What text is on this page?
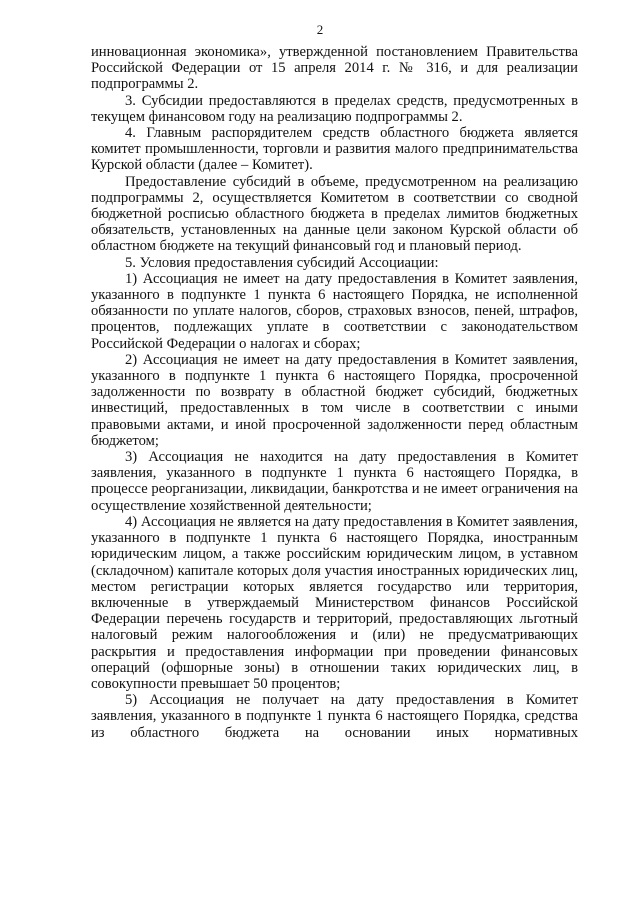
2

инновационная экономика», утвержденной постановлением Правительства Российской Федерации от 15 апреля 2014 г. № 316, и для реализации подпрограммы 2.

3. Субсидии предоставляются в пределах средств, предусмотренных в текущем финансовом году на реализацию подпрограммы 2.

4. Главным распорядителем средств областного бюджета является комитет промышленности, торговли и развития малого предпринимательства Курской области (далее – Комитет).

Предоставление субсидий в объеме, предусмотренном на реализацию подпрограммы 2, осуществляется Комитетом в соответствии со сводной бюджетной росписью областного бюджета в пределах лимитов бюджетных обязательств, установленных на данные цели законом Курской области об областном бюджете на текущий финансовый год и плановый период.

5. Условия предоставления субсидий Ассоциации:

1) Ассоциация не имеет на дату предоставления в Комитет заявления, указанного в подпункте 1 пункта 6 настоящего Порядка, не исполненной обязанности по уплате налогов, сборов, страховых взносов, пеней, штрафов, процентов, подлежащих уплате в соответствии с законодательством Российской Федерации о налогах и сборах;

2) Ассоциация не имеет на дату предоставления в Комитет заявления, указанного в подпункте 1 пункта 6 настоящего Порядка, просроченной задолженности по возврату в областной бюджет субсидий, бюджетных инвестиций, предоставленных в том числе в соответствии с иными правовыми актами, и иной просроченной задолженности перед областным бюджетом;

3) Ассоциация не находится на дату предоставления в Комитет заявления, указанного в подпункте 1 пункта 6 настоящего Порядка, в процессе реорганизации, ликвидации, банкротства и не имеет ограничения на осуществление хозяйственной деятельности;

4) Ассоциация не является на дату предоставления в Комитет заявления, указанного в подпункте 1 пункта 6 настоящего Порядка, иностранным юридическим лицом, а также российским юридическим лицом, в уставном (складочном) капитале которых доля участия иностранных юридических лиц, местом регистрации которых является государство или территория, включенные в утверждаемый Министерством финансов Российской Федерации перечень государств и территорий, предоставляющих льготный налоговый режим налогообложения и (или) не предусматривающих раскрытия и предоставления информации при проведении финансовых операций (офшорные зоны) в отношении таких юридических лиц, в совокупности превышает 50 процентов;

5) Ассоциация не получает на дату предоставления в Комитет заявления, указанного в подпункте 1 пункта 6 настоящего Порядка, средства из областного бюджета на основании иных нормативных
